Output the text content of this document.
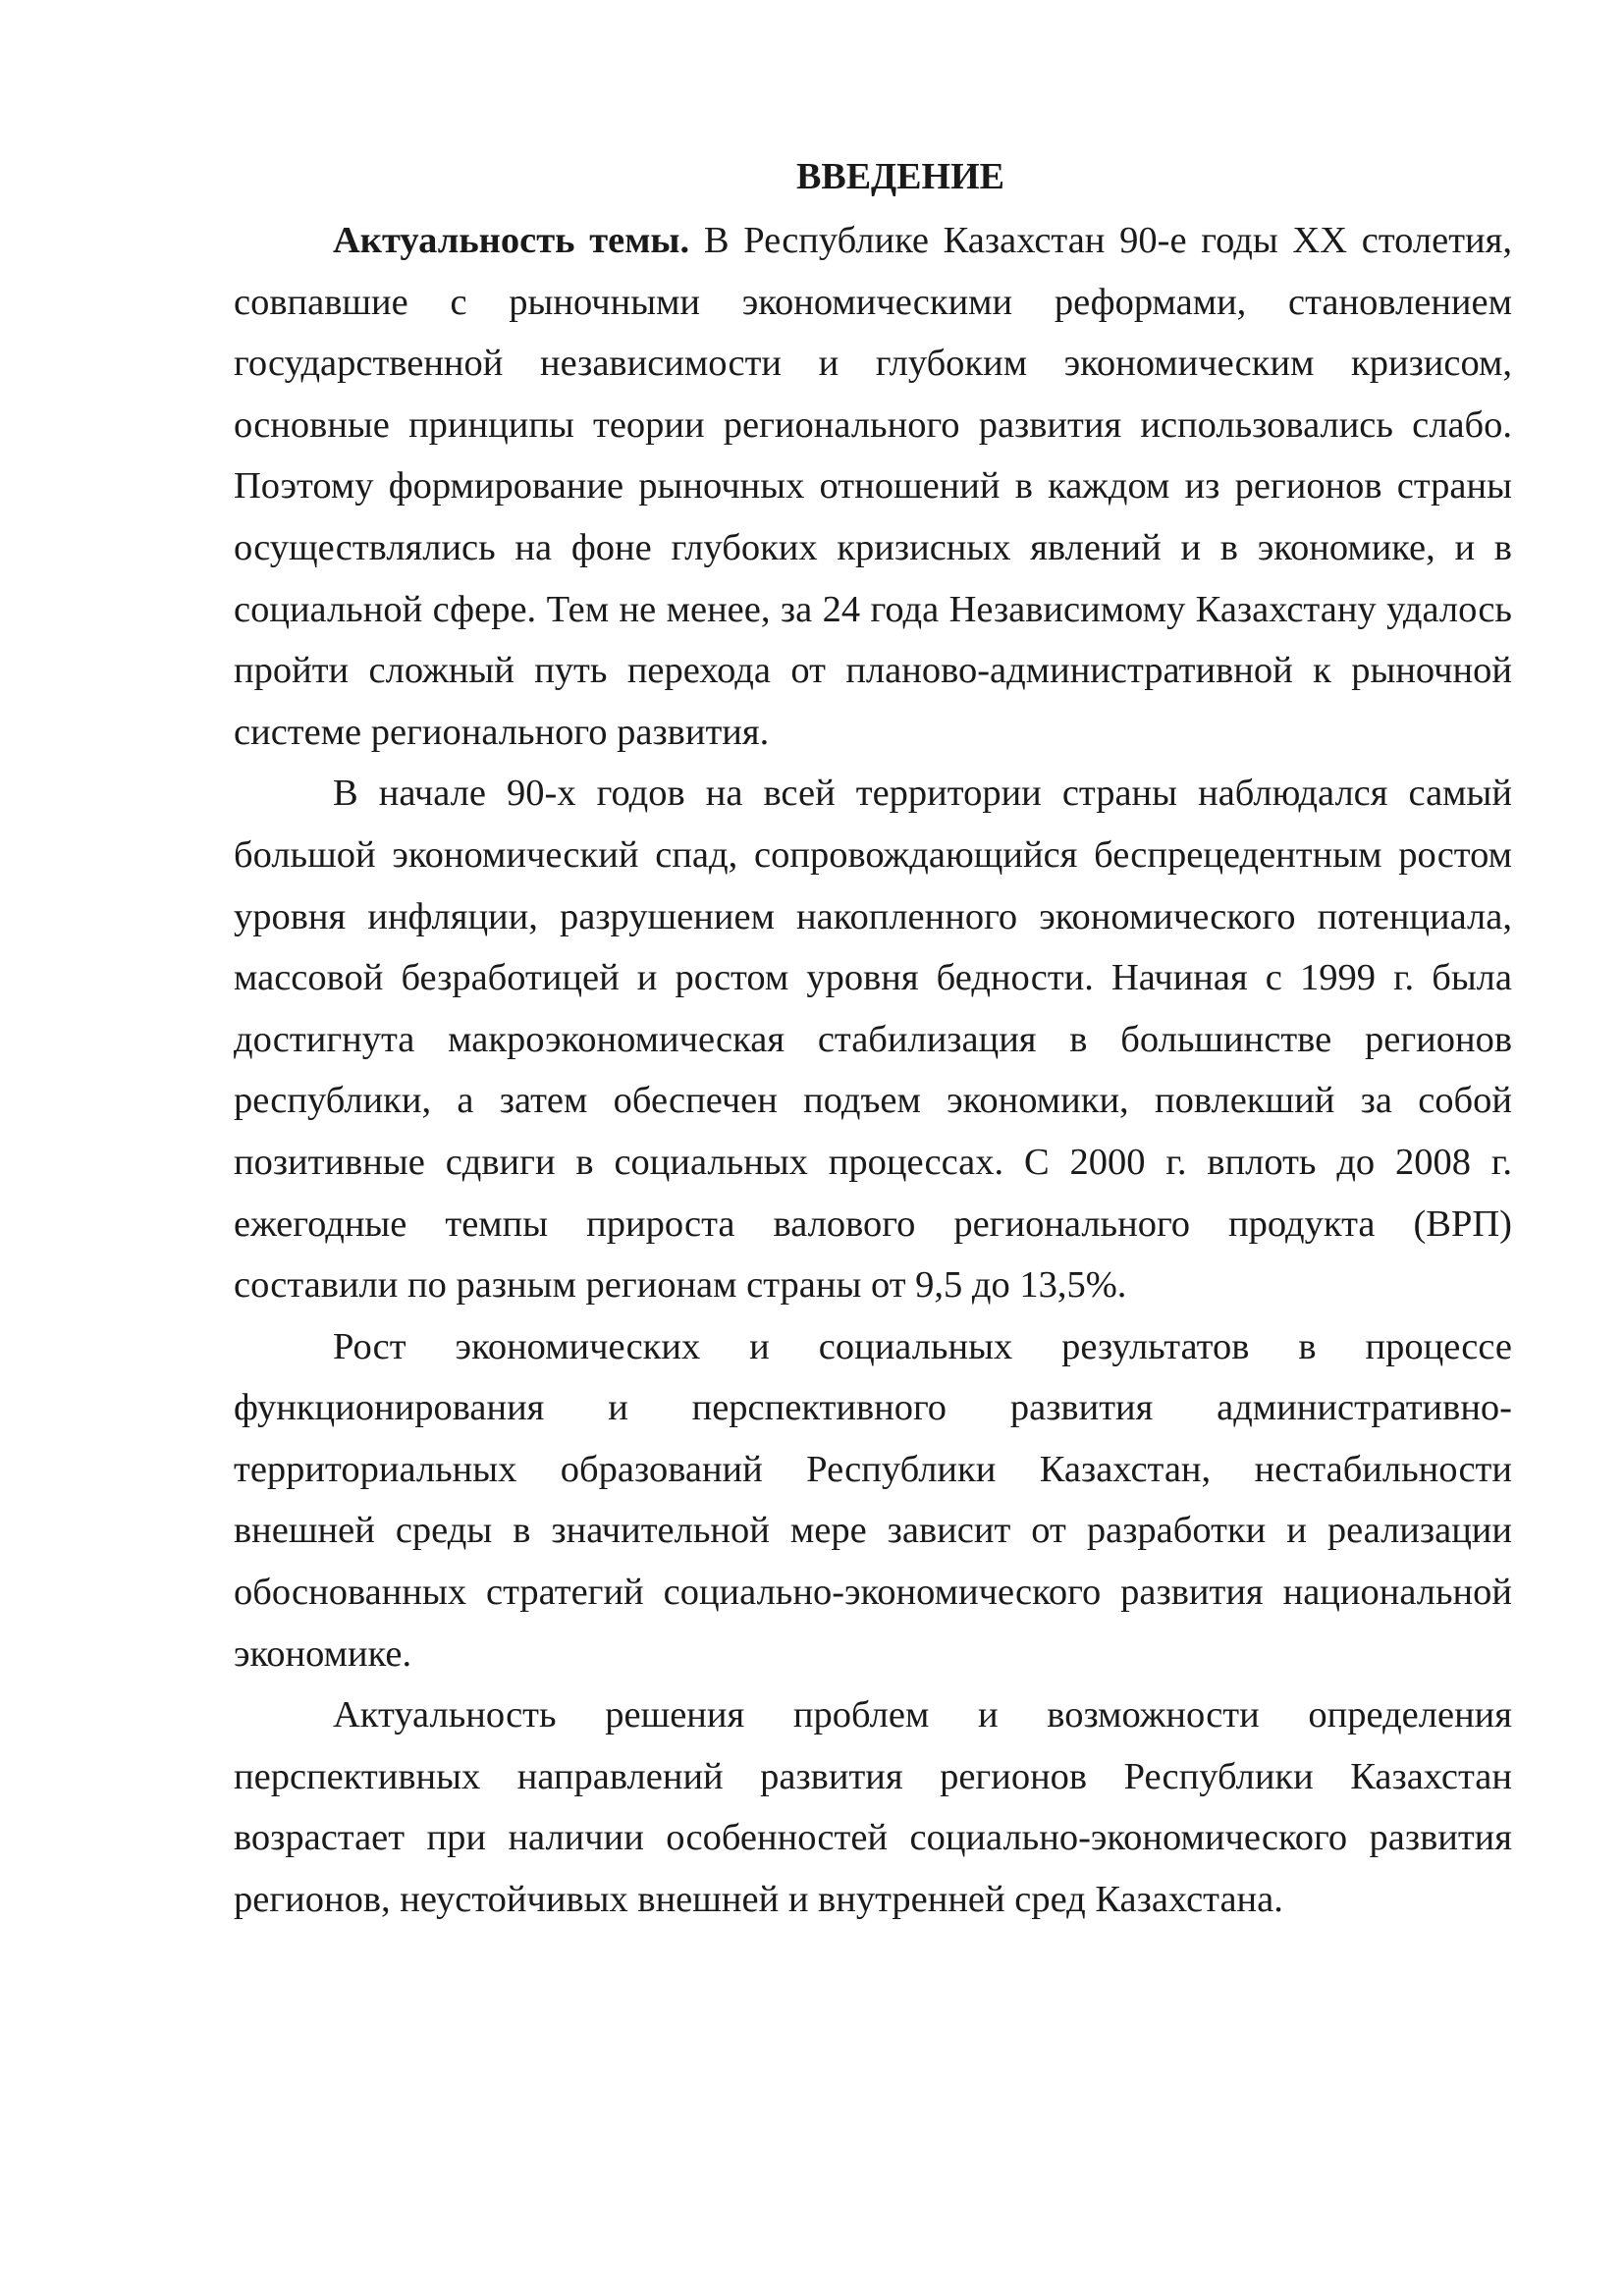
ВВЕДЕНИЕ

Актуальность темы. В Республике Казахстан 90-е годы XX столетия, совпавшие с рыночными экономическими реформами, становлением государственной независимости и глубоким экономическим кризисом, основные принципы теории регионального развития использовались слабо. Поэтому формирование рыночных отношений в каждом из регионов страны осуществлялись на фоне глубоких кризисных явлений и в экономике, и в социальной сфере. Тем не менее, за 24 года Независимому Казахстану удалось пройти сложный путь перехода от планово-административной к рыночной системе регионального развития.

В начале 90-х годов на всей территории страны наблюдался самый большой экономический спад, сопровождающийся беспрецедентным ростом уровня инфляции, разрушением накопленного экономического потенциала, массовой безработицей и ростом уровня бедности. Начиная с 1999 г. была достигнута макроэкономическая стабилизация в большинстве регионов республики, а затем обеспечен подъем экономики, повлекший за собой позитивные сдвиги в социальных процессах. С 2000 г. вплоть до 2008 г. ежегодные темпы прироста валового регионального продукта (ВРП) составили по разным регионам страны от 9,5 до 13,5%.

Рост экономических и социальных результатов в процессе функционирования и перспективного развития административно-территориальных образований Республики Казахстан, нестабильности внешней среды в значительной мере зависит от разработки и реализации обоснованных стратегий социально-экономического развития национальной экономике.

Актуальность решения проблем и возможности определения перспективных направлений развития регионов Республики Казахстан возрастает при наличии особенностей социально-экономического развития регионов, неустойчивых внешней и внутренней сред Казахстана.
